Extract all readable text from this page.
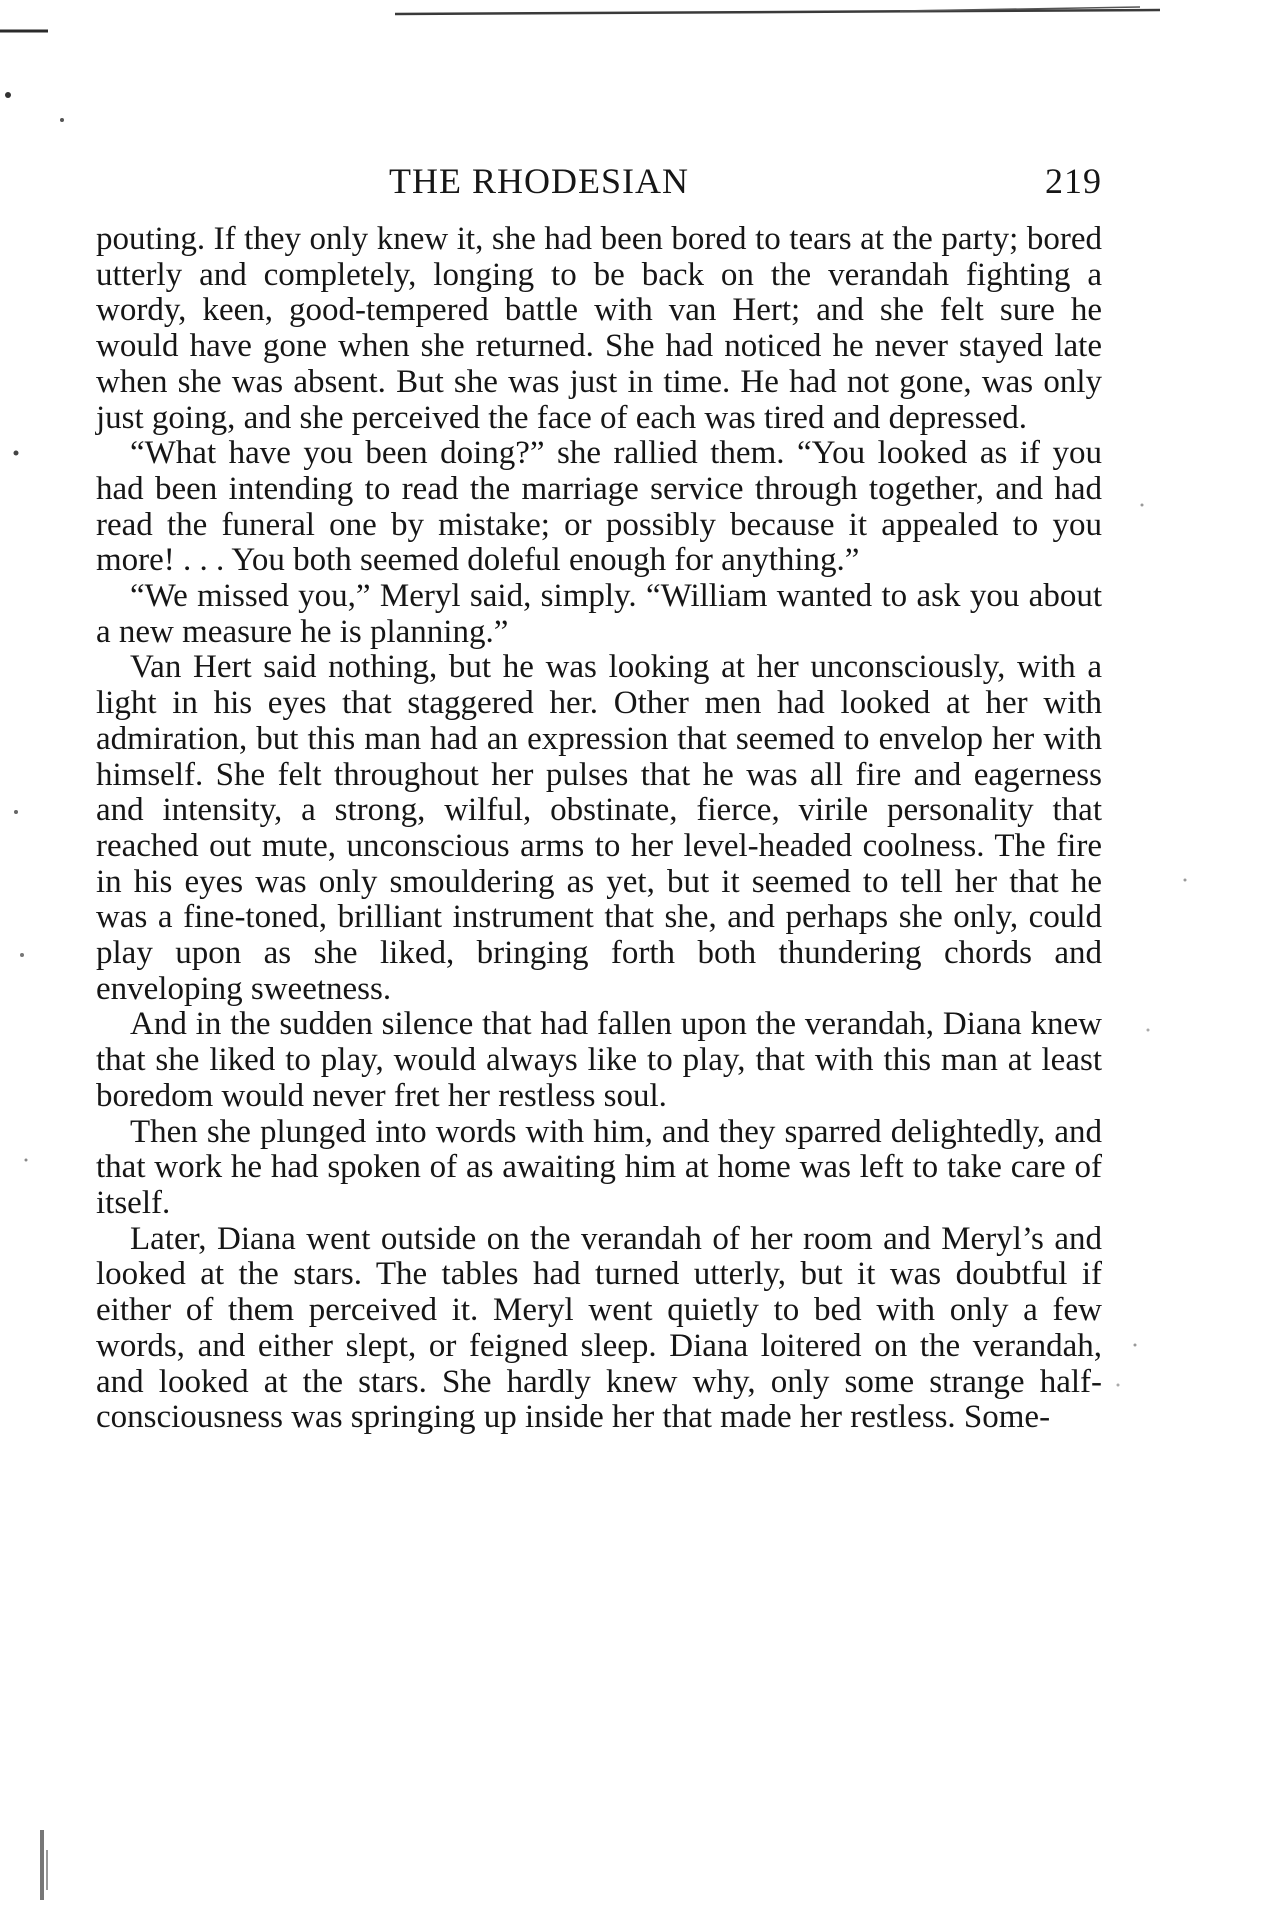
THE RHODESIAN	219

pouting. If they only knew it, she had been bored to tears at the party; bored utterly and completely, longing to be back on the verandah fighting a wordy, keen, good-tempered battle with van Hert; and she felt sure he would have gone when she returned. She had noticed he never stayed late when she was absent. But she was just in time. He had not gone, was only just going, and she perceived the face of each was tired and depressed.

“What have you been doing?” she rallied them. “You looked as if you had been intending to read the marriage service through together, and had read the funeral one by mistake; or possibly because it appealed to you more! . . . You both seemed doleful enough for anything.”

“We missed you,” Meryl said, simply. “William wanted to ask you about a new measure he is planning.”

Van Hert said nothing, but he was looking at her unconsciously, with a light in his eyes that staggered her. Other men had looked at her with admiration, but this man had an expression that seemed to envelop her with himself. She felt throughout her pulses that he was all fire and eagerness and intensity, a strong, wilful, obstinate, fierce, virile personality that reached out mute, unconscious arms to her level-headed coolness. The fire in his eyes was only smouldering as yet, but it seemed to tell her that he was a fine-toned, brilliant instrument that she, and perhaps she only, could play upon as she liked, bringing forth both thundering chords and enveloping sweetness.

And in the sudden silence that had fallen upon the verandah, Diana knew that she liked to play, would always like to play, that with this man at least boredom would never fret her restless soul.

Then she plunged into words with him, and they sparred delightedly, and that work he had spoken of as awaiting him at home was left to take care of itself.

Later, Diana went outside on the verandah of her room and Meryl’s and looked at the stars. The tables had turned utterly, but it was doubtful if either of them perceived it. Meryl went quietly to bed with only a few words, and either slept, or feigned sleep. Diana loitered on the verandah, and looked at the stars. She hardly knew why, only some strange half-consciousness was springing up inside her that made her restless. Some-
